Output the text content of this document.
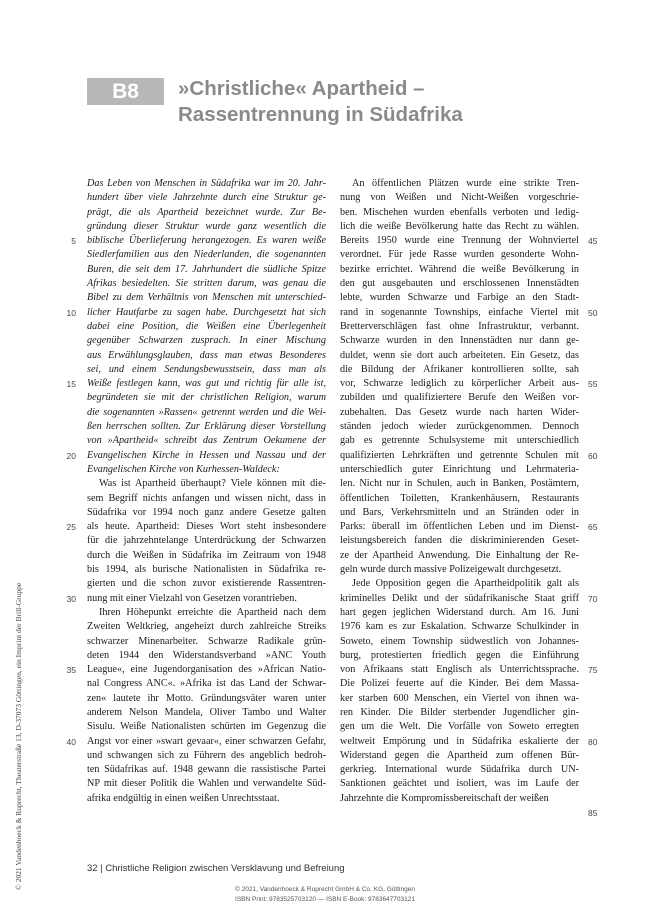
B8	»Christliche« Apartheid –
Rassentrennung in Südafrika
Das Leben von Menschen in Südafrika war im 20. Jahr-
hundert über viele Jahrzehnte durch eine Struktur ge-
prägt, die als Apartheid bezeichnet wurde. Zur Be-
gründung dieser Struktur wurde ganz wesentlich die
biblische Überlieferung herangezogen. Es waren weiße
Siedlerfamilien aus den Niederlanden, die sogenannten
Buren, die seit dem 17. Jahrhundert die südliche Spitze
Afrikas besiedelten. Sie stritten darum, was genau die
Bibel zu dem Verhältnis von Menschen mit unterschied-
licher Hautfarbe zu sagen habe. Durchgesetzt hat sich
dabei eine Position, die Weißen eine Überlegenheit
gegenüber Schwarzen zusprach. In einer Mischung
aus Erwählungsglauben, dass man etwas Besonderes
sei, und einem Sendungsbewusstsein, dass man als
Weiße festlegen kann, was gut und richtig für alle ist,
begründeten sie mit der christlichen Religion, warum
die sogenannten »Rassen« getrennt werden und die Wei-
ßen herrschen sollten. Zur Erklärung dieser Vorstellung
von »Apartheid« schreibt das Zentrum Oekumene der
Evangelischen Kirche in Hessen und Nassau und der
Evangelischen Kirche von Kurhessen-Waldeck:
Was ist Apartheid überhaupt? Viele können mit die-
sem Begriff nichts anfangen und wissen nicht, dass in
Südafrika vor 1994 noch ganz andere Gesetze galten
als heute. Apartheid: Dieses Wort steht insbesondere
für die jahrzehntelange Unterdrückung der Schwarzen
durch die Weißen in Südafrika im Zeitraum von 1948
bis 1994, als burische Nationalisten in Südafrika re-
gierten und die schon zuvor existierende Rassentren-
nung mit einer Vielzahl von Gesetzen vorantrieben.
Ihren Höhepunkt erreichte die Apartheid nach dem
Zweiten Weltkrieg, angeheizt durch zahlreiche Streiks
schwarzer Minenarbeiter. Schwarze Radikale grün-
deten 1944 den Widerstandsverband »ANC Youth
League«, eine Jugendorganisation des »African Natio-
nal Congress ANC«. »Afrika ist das Land der Schwar-
zen« lautete ihr Motto. Gründungsväter waren unter
anderem Nelson Mandela, Oliver Tambo und Walter
Sisulu. Weiße Nationalisten schürten im Gegenzug die
Angst vor einer »swart gevaar«, einer schwarzen Gefahr,
und schwangen sich zu Führern des angeblich bedroh-
ten Südafrikas auf. 1948 gewann die rassistische Partei
NP mit dieser Politik die Wahlen und verwandelte Süd-
afrika endgültig in einen weißen Unrechtsstaat.
An öffentlichen Plätzen wurde eine strikte Tren-
nung von Weißen und Nicht-Weißen vorgeschrie-
ben. Mischehen wurden ebenfalls verboten und ledig-
lich die weiße Bevölkerung hatte das Recht zu wählen.
Bereits 1950 wurde eine Trennung der Wohnviertel
verordnet. Für jede Rasse wurden gesonderte Wohn-
bezirke errichtet. Während die weiße Bevölkerung in
den gut ausgebauten und erschlossenen Innenstädten
lebte, wurden Schwarze und Farbige an den Stadt-
rand in sogenannte Townships, einfache Viertel mit
Bretterverschlägen fast ohne Infrastruktur, verbannt.
Schwarze wurden in den Innenstädten nur dann ge-
duldet, wenn sie dort auch arbeiteten. Ein Gesetz, das
die Bildung der Afrikaner kontrollieren sollte, sah
vor, Schwarze lediglich zu körperlicher Arbeit aus-
zubilden und qualifiziertere Berufe den Weißen vor-
zubehalten. Das Gesetz wurde nach harten Wider-
ständen jedoch wieder zurückgenommen. Dennoch
gab es getrennte Schulsysteme mit unterschiedlich
qualifizierten Lehrkräften und getrennte Schulen mit
unterschiedlich guter Einrichtung und Lehrmateria-
len. Nicht nur in Schulen, auch in Banken, Postämtern,
öffentlichen Toiletten, Krankenhäusern, Restaurants
und Bars, Verkehrsmitteln und an Stränden oder in
Parks: überall im öffentlichen Leben und im Dienst-
leistungsbereich fanden die diskriminierenden Geset-
ze der Apartheid Anwendung. Die Einhaltung der Re-
geln wurde durch massive Polizeigewalt durchgesetzt.
Jede Opposition gegen die Apartheidpolitik galt als
kriminelles Delikt und der südafrikanische Staat griff
hart gegen jeglichen Widerstand durch. Am 16. Juni
1976 kam es zur Eskalation. Schwarze Schulkinder in
Soweto, einem Township südwestlich von Johannes-
burg, protestierten friedlich gegen die Einführung
von Afrikaans statt Englisch als Unterrichtssprache.
Die Polizei feuerte auf die Kinder. Bei dem Massa-
ker starben 600 Menschen, ein Viertel von ihnen wa-
ren Kinder. Die Bilder sterbender Jugendlicher gin-
gen um die Welt. Die Vorfälle von Soweto erregten
weltweit Empörung und in Südafrika eskalierte der
Widerstand gegen die Apartheid zum offenen Bür-
gerkrieg. International wurde Südafrika durch UN-
Sanktionen geächtet und isoliert, was im Laufe der
Jahrzehnte die Kompromissbereitschaft der weißen
5
10
15
20
25
30
35
40
45
50
55
60
65
70
75
80
85
© 2021 Vandenhoeck & Ruprecht, Theaterstraße 13, D-37073 Göttingen, ein Imprint der Brill-Gruppe	32 | Christliche Religion zwischen Versklavung und Befreiung
© 2021, Vandenhoeck & Ruprecht GmbH & Co. KG, Göttingen
ISBN Print: 9783525703120 — ISBN E-Book: 9783647703121
